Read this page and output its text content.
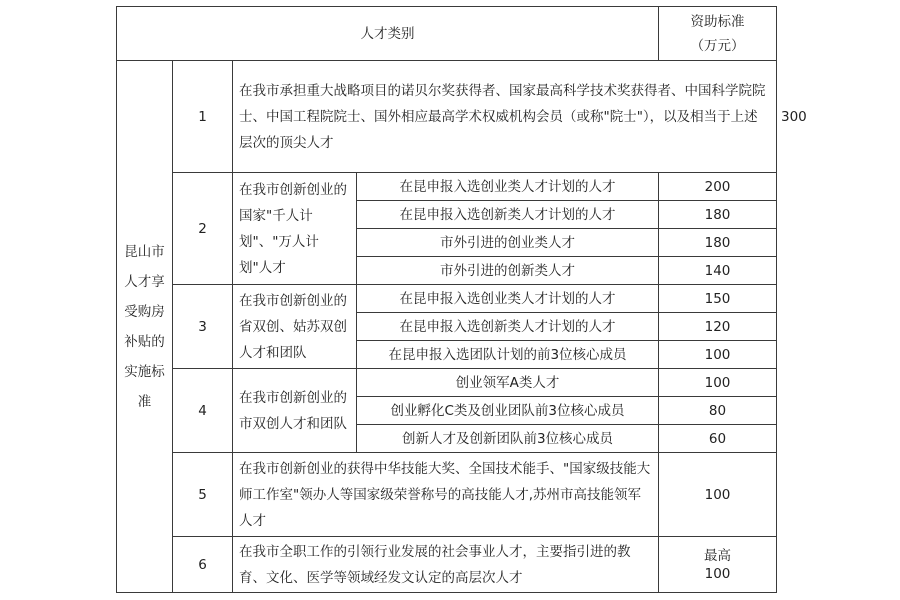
人才类别				资助标准
（万元）	

昆山市人才享受购房补贴的实施标准	1	在我市承担重大战略项目的诺贝尔奖获得者、国家最高科学技术奖获得者、中国科学院院士、中国工程院院士、国外相应最高学术权威机构会员（或称"院士"），以及相当于上述层次的顶尖人才			300
	2	在我市创新创业的国家"千人计划"、"万人计划"人才	在昆申报入选创业类人才计划的人才	200	
			在昆申报入选创新类人才计划的人才	180	
			市外引进的创业类人才	180	
			市外引进的创新类人才	140	
	3	在我市创新创业的省双创、姑苏双创人才和团队	在昆申报入选创业类人才计划的人才	150	
			在昆申报入选创新类人才计划的人才	120	
			在昆申报入选团队计划的前3位核心成员	100	
	4	在我市创新创业的市双创人才和团队	创业领军A类人才	100	
			创业孵化C类及创业团队前3位核心成员	80	
			创新人才及创新团队前3位核心成员	60	
	5	在我市创新创业的获得中华技能大奖、全国技术能手、"国家级技能大师工作室"领办人等国家级荣誉称号的高技能人才,苏州市高技能领军人才		100	
	6	在我市全职工作的引领行业发展的社会事业人才，主要指引进的教育、文化、医学等领域经发文认定的高层次人才		最高
100	
